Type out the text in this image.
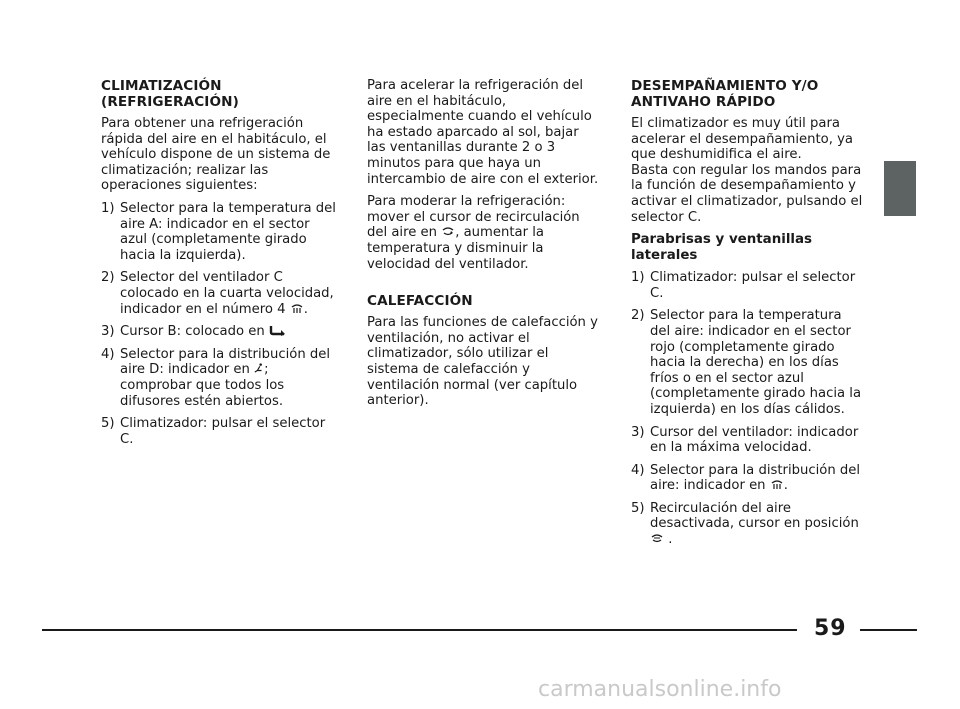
CLIMATIZACIÓN
(REFRIGERACIÓN)

Para obtener una refrigeración rápida del aire en el habitáculo, el vehículo dispone de un sistema de climatización; realizar las operaciones siguientes:

1) Selector para la temperatura del aire A: indicador en el sector azul (completamente girado hacia la izquierda).
2) Selector del ventilador C colocado en la cuarta velocidad, indicador en el número 4 .
3) Cursor B: colocado en
4) Selector para la distribución del aire D: indicador en ; comprobar que todos los difusores estén abiertos.
5) Climatizador: pulsar el selector C.

Para acelerar la refrigeración del aire en el habitáculo, especialmente cuando el vehículo ha estado aparcado al sol, bajar las ventanillas durante 2 o 3 minutos para que haya un intercambio de aire con el exterior.

Para moderar la refrigeración: mover el cursor de recirculación del aire en , aumentar la temperatura y disminuir la velocidad del ventilador.

CALEFACCIÓN

Para las funciones de calefacción y ventilación, no activar el climatizador, sólo utilizar el sistema de calefacción y ventilación normal (ver capítulo anterior).

DESEMPAÑAMIENTO Y/O
ANTIVAHO RÁPIDO

El climatizador es muy útil para acelerar el desempañamiento, ya que deshumidifica el aire.

Basta con regular los mandos para la función de desempañamiento y activar el climatizador, pulsando el selector C.

Parabrisas y ventanillas
laterales
1) Climatizador: pulsar el selector C.
2) Selector para la temperatura del aire: indicador en el sector rojo (completamente girado hacia la derecha) en los días fríos o en el sector azul (completamente girado hacia la izquierda) en los días cálidos.
3) Cursor del ventilador: indicador en la máxima velocidad.
4) Selector para la distribución del aire: indicador en .
5) Recirculación del aire desactivada, cursor en posición  .
59
carmanualsonline.info
